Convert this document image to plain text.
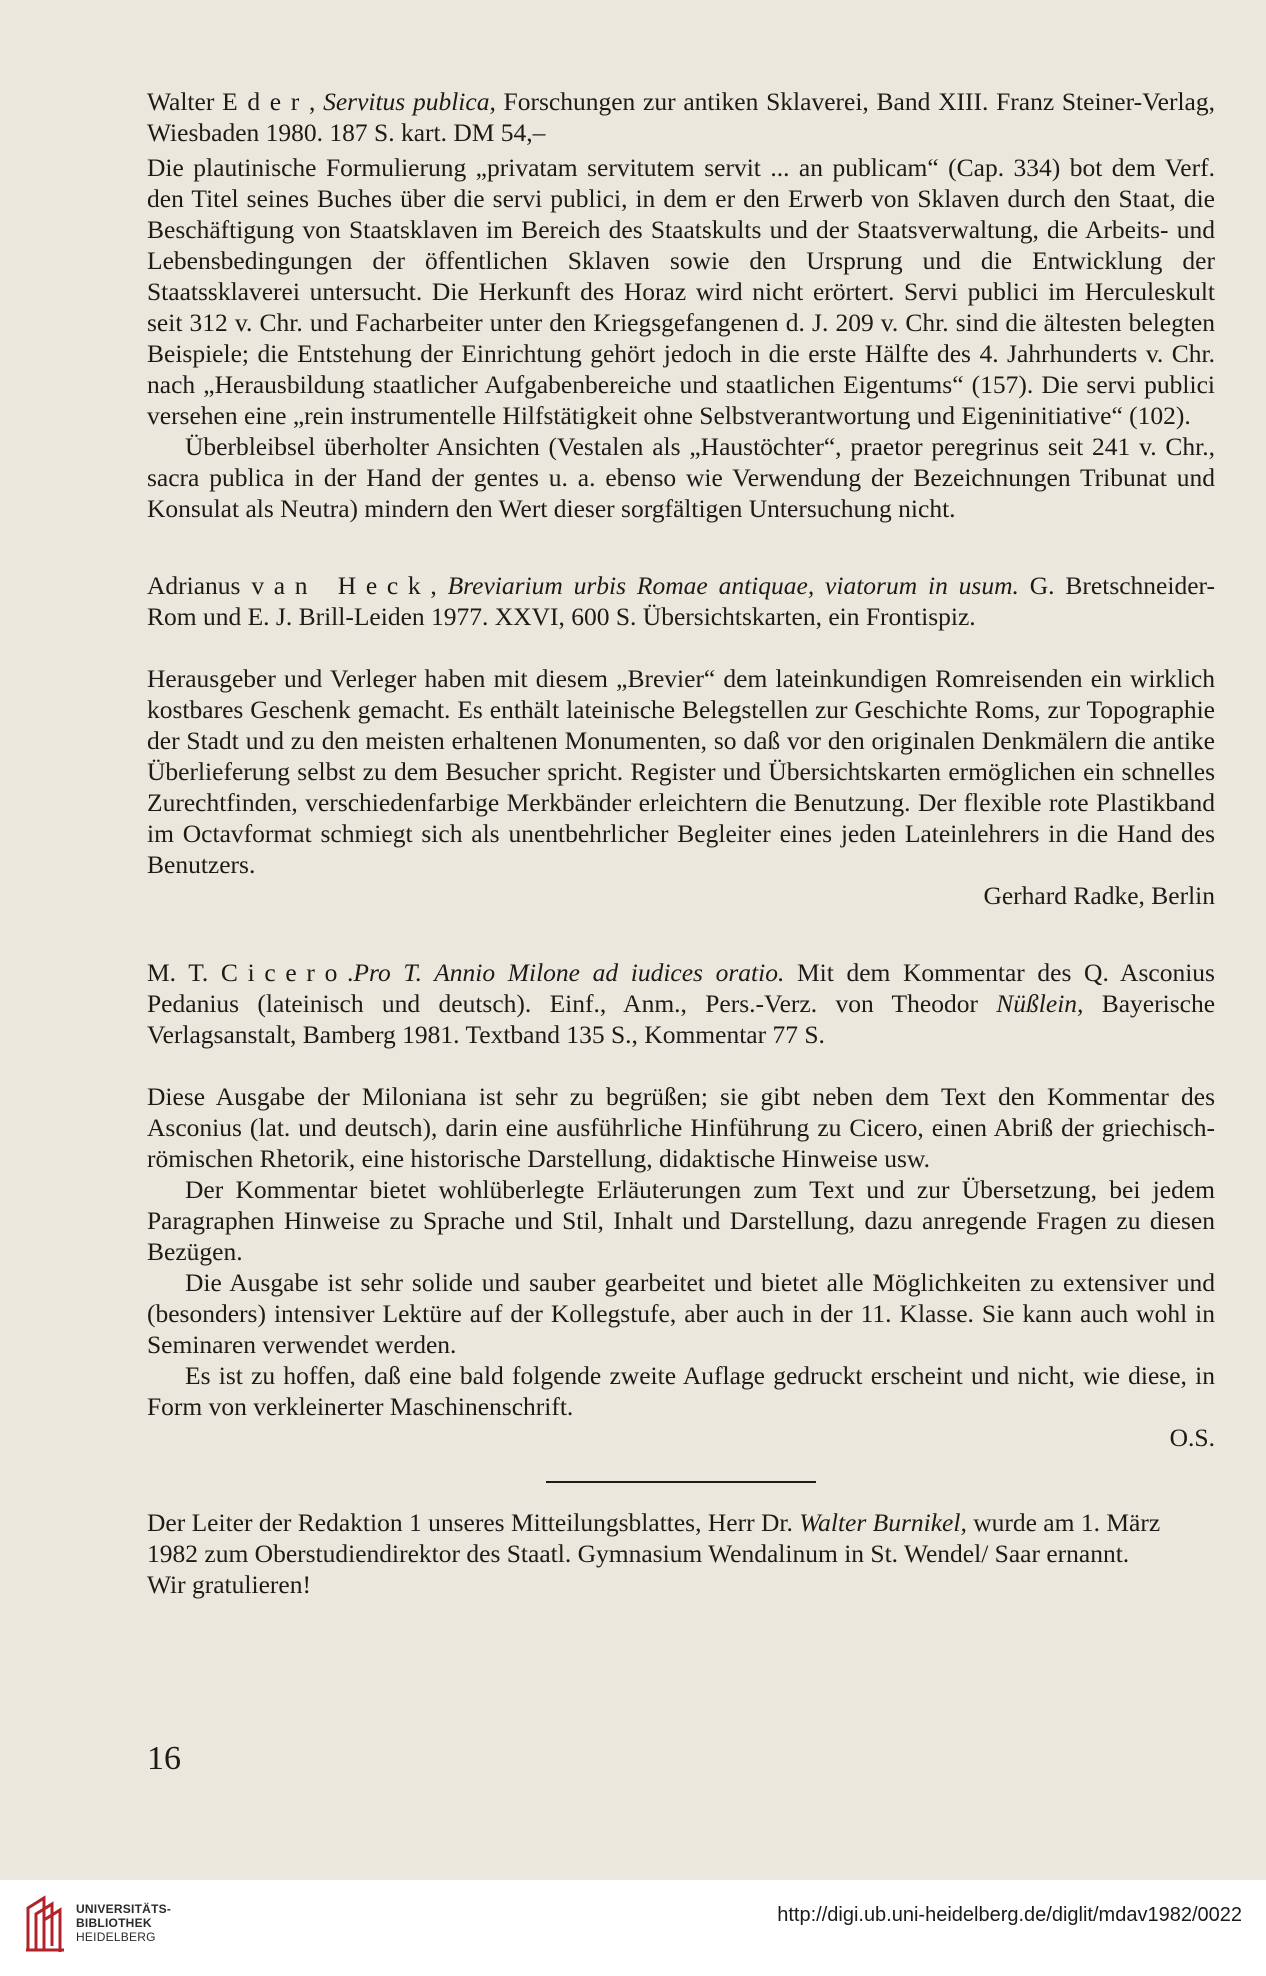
Walter Eder, Servitus publica, Forschungen zur antiken Sklaverei, Band XIII. Franz Steiner-Verlag, Wiesbaden 1980. 187 S. kart. DM 54,–

Die plautinische Formulierung „privatam servitutem servit ... an publicam“ (Cap. 334) bot dem Verf. den Titel seines Buches über die servi publici, in dem er den Erwerb von Sklaven durch den Staat, die Beschäftigung von Staatsklaven im Bereich des Staatskults und der Staatsverwaltung, die Arbeits- und Lebensbedingungen der öffentlichen Sklaven sowie den Ursprung und die Entwicklung der Staatssklaverei untersucht. Die Herkunft des Horaz wird nicht erörtert. Servi publici im Herculeskult seit 312 v. Chr. und Facharbeiter unter den Kriegsgefangenen d. J. 209 v. Chr. sind die ältesten belegten Beispiele; die Entstehung der Einrichtung gehört jedoch in die erste Hälfte des 4. Jahrhunderts v. Chr. nach „Herausbildung staatlicher Aufgabenbereiche und staatlichen Eigentums“ (157). Die servi publici versehen eine „rein instrumentelle Hilfstätigkeit ohne Selbstverantwortung und Eigeninitiative“ (102).

Überbleibsel überholter Ansichten (Vestalen als „Haustöchter“, praetor peregrinus seit 241 v. Chr., sacra publica in der Hand der gentes u. a. ebenso wie Verwendung der Bezeichnungen Tribunat und Konsulat als Neutra) mindern den Wert dieser sorgfältigen Untersuchung nicht.

Adrianus van Heck, Breviarium urbis Romae antiquae, viatorum in usum. G. Bretschneider-Rom und E. J. Brill-Leiden 1977. XXVI, 600 S. Übersichtskarten, ein Frontispiz.

Herausgeber und Verleger haben mit diesem „Brevier“ dem lateinkundigen Romreisenden ein wirklich kostbares Geschenk gemacht. Es enthält lateinische Belegstellen zur Geschichte Roms, zur Topographie der Stadt und zu den meisten erhaltenen Monumenten, so daß vor den originalen Denkmälern die antike Überlieferung selbst zu dem Besucher spricht. Register und Übersichtskarten ermöglichen ein schnelles Zurechtfinden, verschiedenfarbige Merkbänder erleichtern die Benutzung. Der flexible rote Plastikband im Octavformat schmiegt sich als unentbehrlicher Begleiter eines jeden Lateinlehrers in die Hand des Benutzers.

Gerhard Radke, Berlin

M. T. Cicero.Pro T. Annio Milone ad iudices oratio. Mit dem Kommentar des Q. Asconius Pedanius (lateinisch und deutsch). Einf., Anm., Pers.-Verz. von Theodor Nüßlein, Bayerische Verlagsanstalt, Bamberg 1981. Textband 135 S., Kommentar 77 S.

Diese Ausgabe der Miloniana ist sehr zu begrüßen; sie gibt neben dem Text den Kommentar des Asconius (lat. und deutsch), darin eine ausführliche Hinführung zu Cicero, einen Abriß der griechisch-römischen Rhetorik, eine historische Darstellung, didaktische Hinweise usw.

Der Kommentar bietet wohlüberlegte Erläuterungen zum Text und zur Übersetzung, bei jedem Paragraphen Hinweise zu Sprache und Stil, Inhalt und Darstellung, dazu anregende Fragen zu diesen Bezügen.

Die Ausgabe ist sehr solide und sauber gearbeitet und bietet alle Möglichkeiten zu extensiver und (besonders) intensiver Lektüre auf der Kollegstufe, aber auch in der 11. Klasse. Sie kann auch wohl in Seminaren verwendet werden.

Es ist zu hoffen, daß eine bald folgende zweite Auflage gedruckt erscheint und nicht, wie diese, in Form von verkleinerter Maschinenschrift.

O.S.

Der Leiter der Redaktion 1 unseres Mitteilungsblattes, Herr Dr. Walter Burnikel, wurde am 1. März 1982 zum Oberstudiendirektor des Staatl. Gymnasium Wendalinum in St. Wendel/ Saar ernannt.

Wir gratulieren!

16
UNIVERSITÄTS-
BIBLIOTHEK
HEIDELBERG
http://digi.ub.uni-heidelberg.de/diglit/mdav1982/0022
